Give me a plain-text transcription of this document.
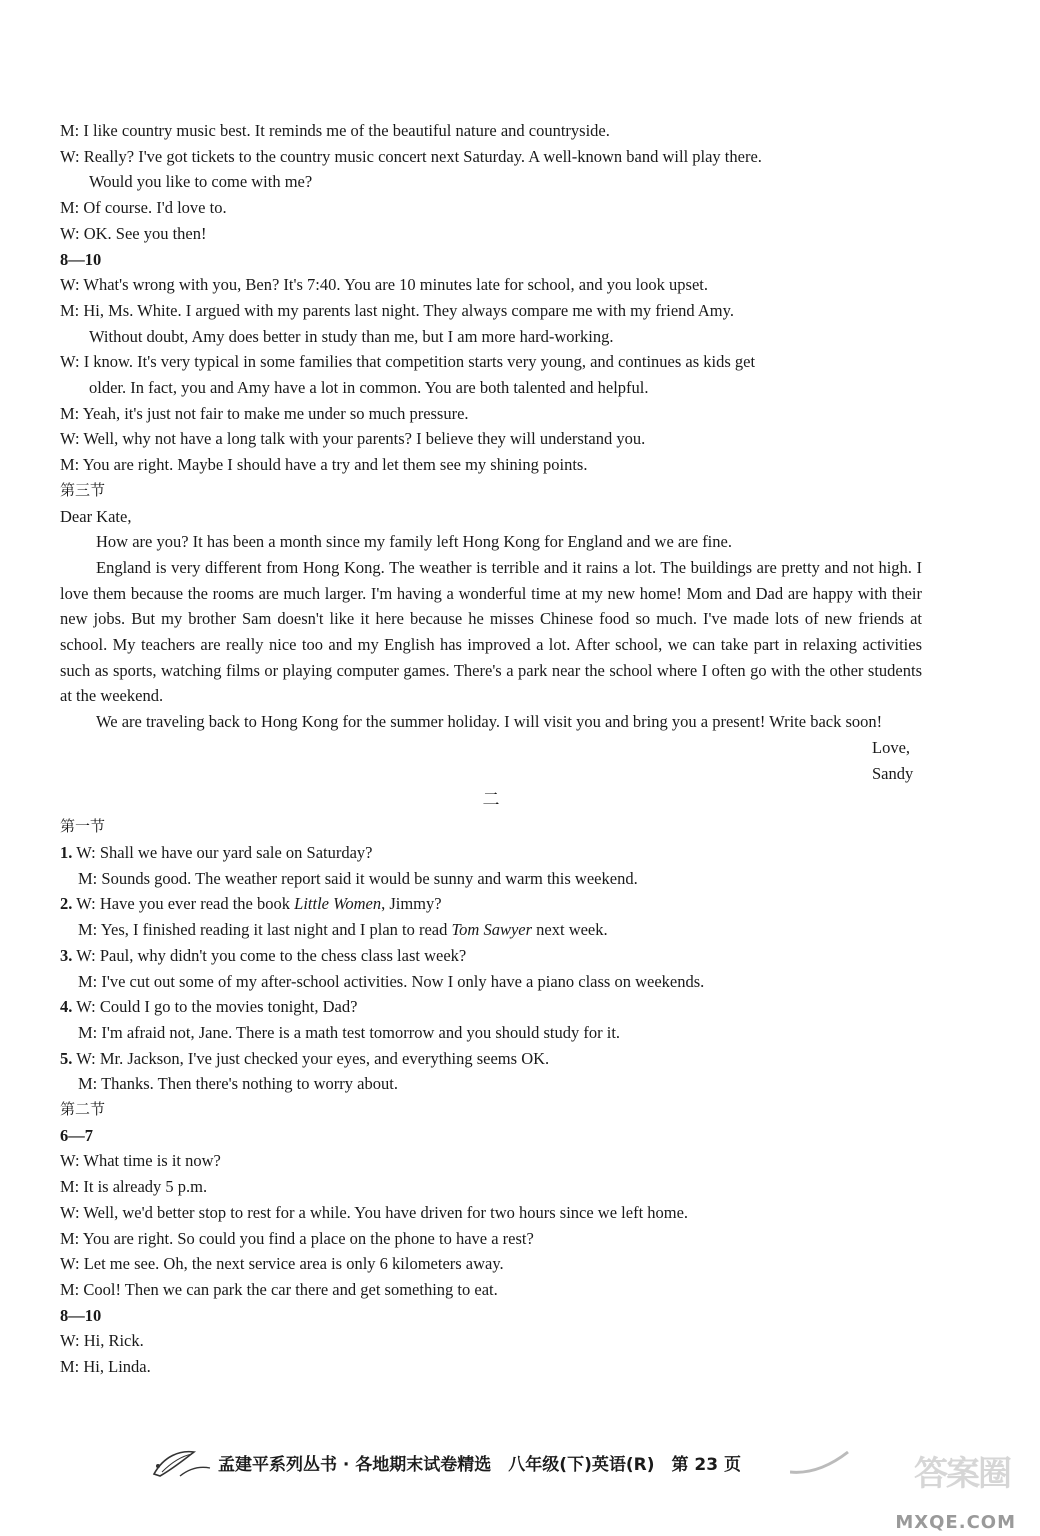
M: I like country music best. It reminds me of the beautiful nature and countryside.
W: Really? I've got tickets to the country music concert next Saturday. A well-known band will play there.
Would you like to come with me?
M: Of course. I'd love to.
W: OK. See you then!
8—10
W: What's wrong with you, Ben? It's 7:40. You are 10 minutes late for school, and you look upset.
M: Hi, Ms. White. I argued with my parents last night. They always compare me with my friend Amy.
Without doubt, Amy does better in study than me, but I am more hard-working.
W: I know. It's very typical in some families that competition starts very young, and continues as kids get
older. In fact, you and Amy have a lot in common. You are both talented and helpful.
M: Yeah, it's just not fair to make me under so much pressure.
W: Well, why not have a long talk with your parents? I believe they will understand you.
M: You are right. Maybe I should have a try and let them see my shining points.
第三节
Dear Kate,
How are you? It has been a month since my family left Hong Kong for England and we are fine.
England is very different from Hong Kong. The weather is terrible and it rains a lot. The buildings are pretty and not high. I love them because the rooms are much larger. I'm having a wonderful time at my new home! Mom and Dad are happy with their new jobs. But my brother Sam doesn't like it here because he misses Chinese food so much. I've made lots of new friends at school. My teachers are really nice too and my English has improved a lot. After school, we can take part in relaxing activities such as sports, watching films or playing computer games. There's a park near the school where I often go with the other students at the weekend.
We are traveling back to Hong Kong for the summer holiday. I will visit you and bring you a present! Write back soon!
Love,
Sandy
二
第一节
1. W: Shall we have our yard sale on Saturday?
M: Sounds good. The weather report said it would be sunny and warm this weekend.
2. W: Have you ever read the book Little Women, Jimmy?
M: Yes, I finished reading it last night and I plan to read Tom Sawyer next week.
3. W: Paul, why didn't you come to the chess class last week?
M: I've cut out some of my after-school activities. Now I only have a piano class on weekends.
4. W: Could I go to the movies tonight, Dad?
M: I'm afraid not, Jane. There is a math test tomorrow and you should study for it.
5. W: Mr. Jackson, I've just checked your eyes, and everything seems OK.
M: Thanks. Then there's nothing to worry about.
第二节
6—7
W: What time is it now?
M: It is already 5 p.m.
W: Well, we'd better stop to rest for a while. You have driven for two hours since we left home.
M: You are right. So could you find a place on the phone to have a rest?
W: Let me see. Oh, the next service area is only 6 kilometers away.
M: Cool! Then we can park the car there and get something to eat.
8—10
W: Hi, Rick.
M: Hi, Linda.
孟建平系列丛书 · 各地期末试卷精选　八年级(下)英语(R)　第 23 页	答案圈
MXQE.COM
